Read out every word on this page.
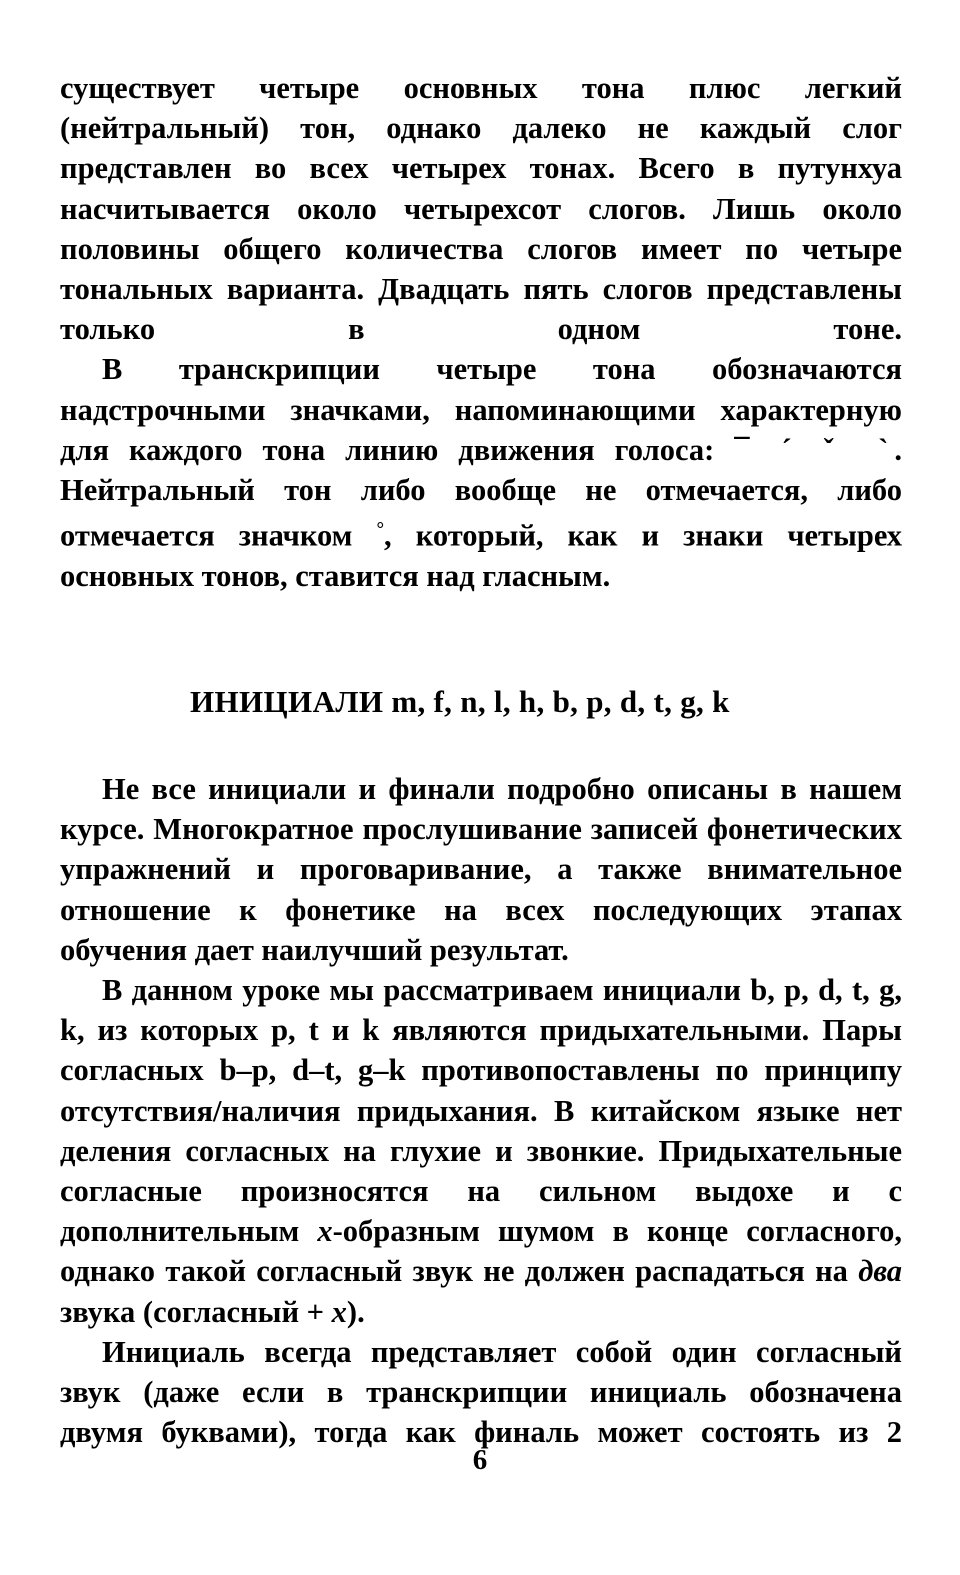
существует четыре основных тона плюс легкий (нейтральный) тон, однако далеко не каждый слог представлен во всех четырех тонах. Всего в путунхуа насчитывается около четырехсот слогов. Лишь около половины общего количества слогов имеет по четыре тональных варианта. Двадцать пять слогов представлены только в одном тоне.

В транскрипции четыре тона обозначаются надстрочными значками, напоминающими характерную для каждого тона линию движения голоса: ¯ ´ ˇ `. Нейтральный тон либо вообще не отмечается, либо отмечается значком °, который, как и знаки четырех основных тонов, ставится над гласным.

ИНИЦИАЛИ m, f, n, l, h, b, p, d, t, g, k

Не все инициали и финали подробно описаны в нашем курсе. Многократное прослушивание записей фонетических упражнений и проговаривание, а также внимательное отношение к фонетике на всех последующих этапах обучения дает наилучший результат.

В данном уроке мы рассматриваем инициали b, p, d, t, g, k, из которых p, t и k являются придыхательными. Пары согласных b–p, d–t, g–k противопоставлены по принципу отсутствия/наличия придыхания. В китайском языке нет деления согласных на глухие и звонкие. Придыхательные согласные произносятся на сильном выдохе и с дополнительным x-образным шумом в конце согласного, однако такой согласный звук не должен распадаться на два звука (согласный + x).

Инициаль всегда представляет собой один согласный звук (даже если в транскрипции инициаль обозначена двумя буквами), тогда как финаль может состоять из 2

6
